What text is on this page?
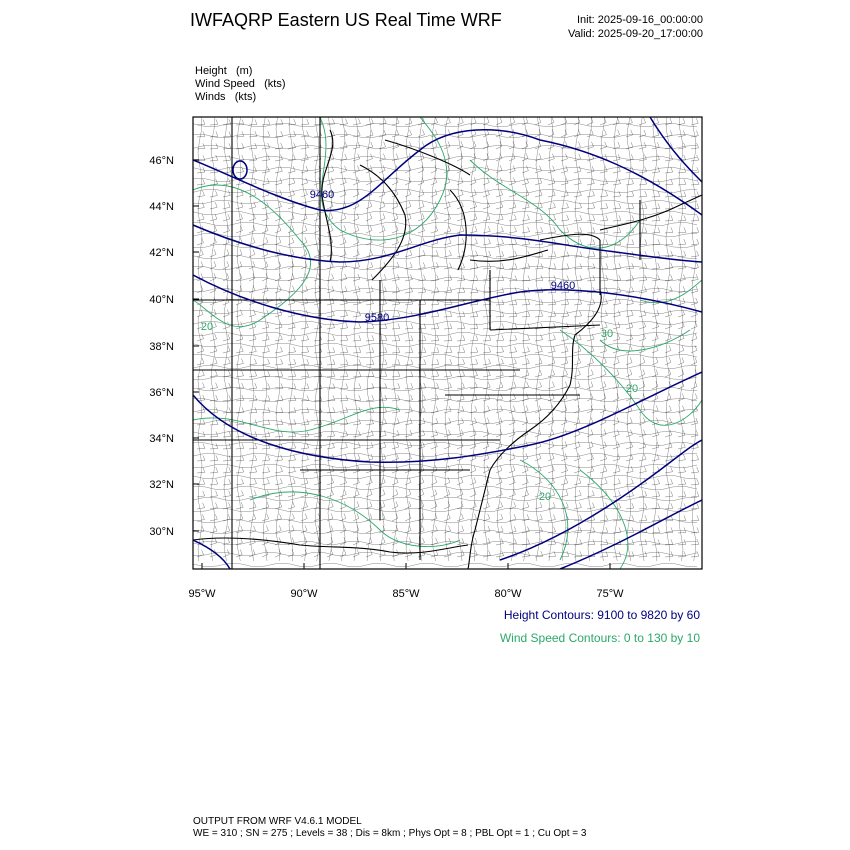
IWFAQRP Eastern US Real Time WRF	Init: 2025-09-16_00:00:00
Valid: 2025-09-20_17:00:00
Height (m)
Wind Speed (kts)
Winds (kts)
46°N
44°N
42°N
40°N
38°N
36°N
34°N
32°N
30°N
95°W	90°W	85°W	80°W	75°W
9460
9580
9460
20
30
20
20
Height Contours: 9100 to 9820 by 60
Wind Speed Contours: 0 to 130 by 10
OUTPUT FROM WRF V4.6.1 MODEL
WE = 310 ; SN = 275 ; Levels = 38 ; Dis = 8km ; Phys Opt = 8 ; PBL Opt = 1 ; Cu Opt = 3
